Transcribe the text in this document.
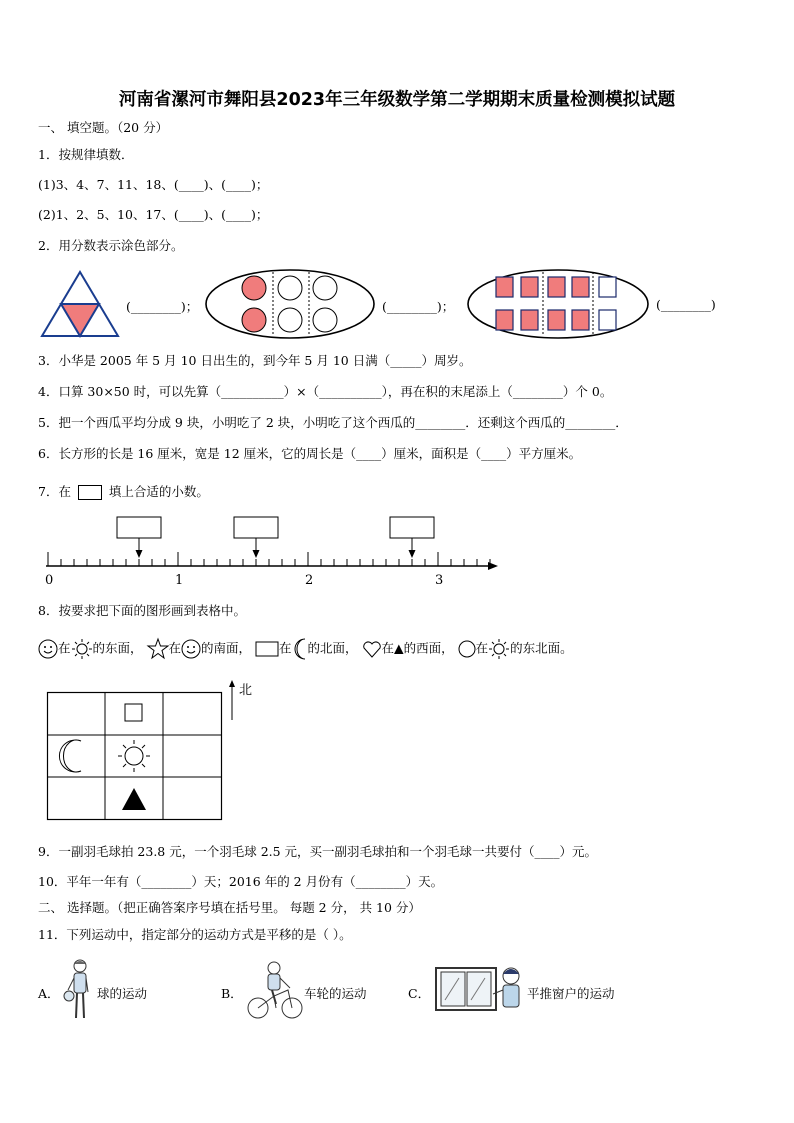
河南省漯河市舞阳县2023年三年级数学第二学期期末质量检测模拟试题
一、 填空题。（20 分）
1．按规律填数．
(1)3、4、7、11、18、(____)、(____)；
(2)1、2、5、10、17、(____)、(____)；
2．用分数表示涂色部分。
(________)；	(________)；	(________)
3．小华是 2005 年 5 月 10 日出生的，到今年 5 月 10 日满（_____）周岁。
4．口算 30×50 时，可以先算（__________）×（__________），再在积的末尾添上（________）个 0。
5．把一个西瓜平均分成 9 块，小明吃了 2 块，小明吃了这个西瓜的________．还剩这个西瓜的________．
6．长方形的长是 16 厘米，宽是 12 厘米，它的周长是（____）厘米，面积是（____）平方厘米。
7．在	填上合适的小数。
0	1	2	3
8．按要求把下面的图形画到表格中。
在 的东面， 在 的南面， 在 的北面， 在▲的西面， 在 的东北面。
北
9．一副羽毛球拍 23.8 元，一个羽毛球 2.5 元，买一副羽毛球拍和一个羽毛球一共要付（____）元。
10．平年一年有（________）天；2016 年的 2 月份有（________）天。
二、 选择题。（把正确答案序号填在括号里。 每题 2 分， 共 10 分）
11．下列运动中，指定部分的运动方式是平移的是（ ）。
A．	球的运动	B．	车轮的运动	C．	平推窗户的运动
